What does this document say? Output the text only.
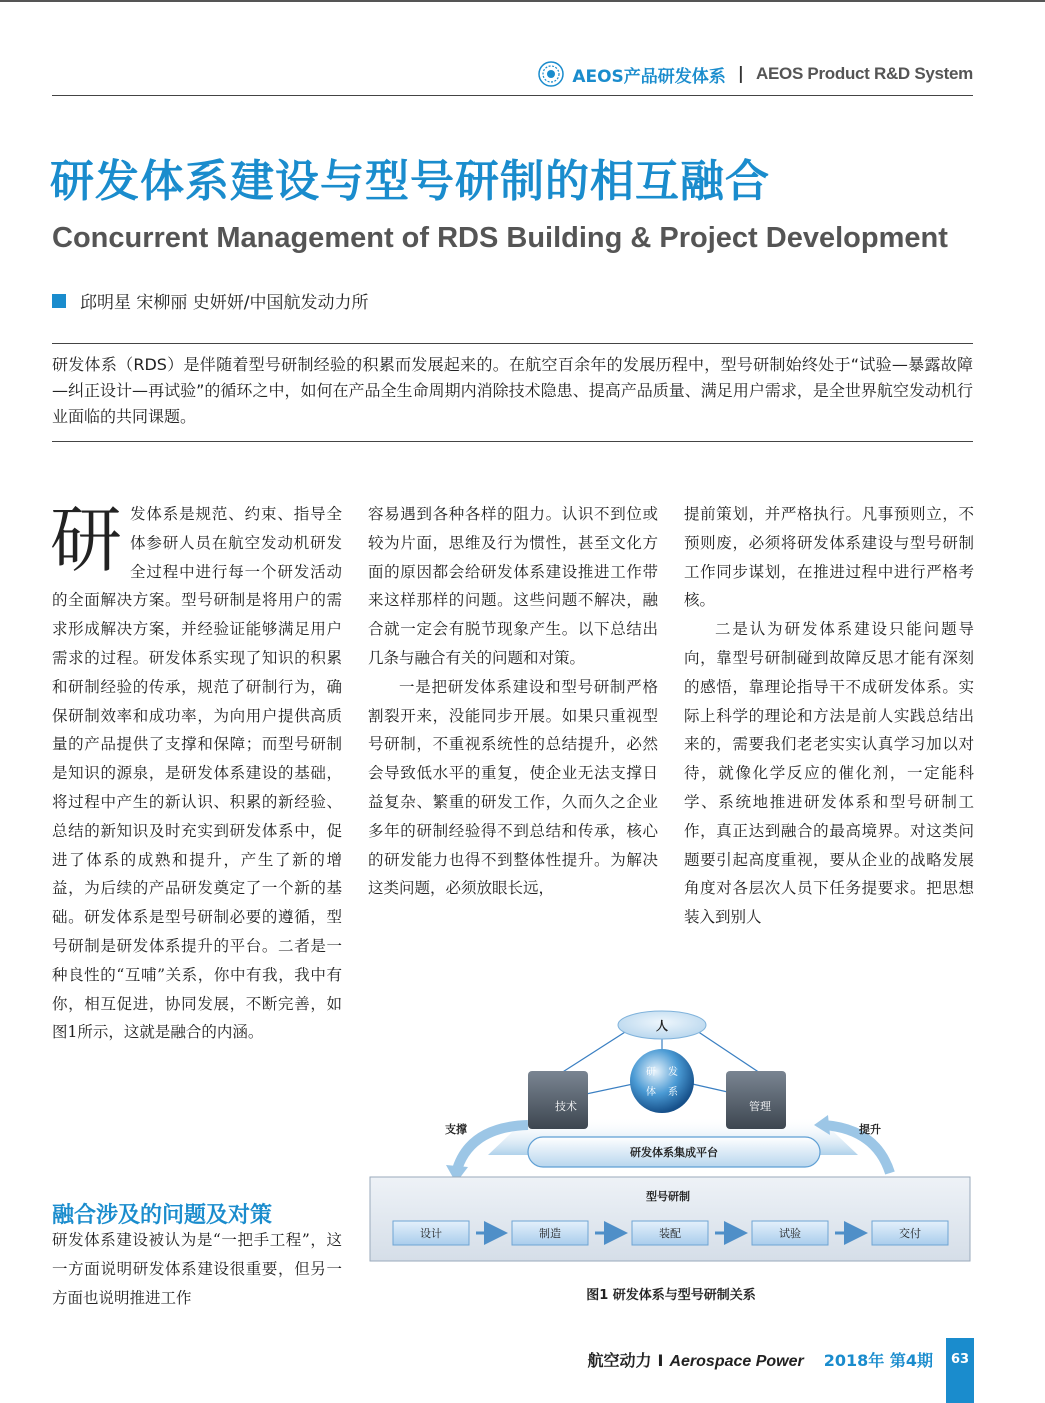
AEOS产品研发体系 | AEOS Product R&D System
研发体系建设与型号研制的相互融合
Concurrent Management of RDS Building & Project Development
邱明星 宋柳丽 史妍妍/中国航发动力所
研发体系（RDS）是伴随着型号研制经验的积累而发展起来的。在航空百余年的发展历程中，型号研制始终处于“试验—暴露故障—纠正设计—再试验”的循环之中，如何在产品全生命周期内消除技术隐患、提高产品质量、满足用户需求，是全世界航空发动机行业面临的共同课题。
研 发体系是规范、约束、指导全体参研人员在航空发动机研发全过程中进行每一个研发活动的全面解决方案。型号研制是将用户的需求形成解决方案，并经验证能够满足用户需求的过程。研发体系实现了知识的积累和研制经验的传承，规范了研制行为，确保研制效率和成功率，为向用户提供高质量的产品提供了支撑和保障；而型号研制是知识的源泉，是研发体系建设的基础，将过程中产生的新认识、积累的新经验、总结的新知识及时充实到研发体系中，促进了体系的成熟和提升，产生了新的增益，为后续的产品研发奠定了一个新的基础。研发体系是型号研制必要的遵循，型号研制是研发体系提升的平台。二者是一种良性的“互哺”关系，你中有我，我中有你，相互促进，协同发展，不断完善，如图1所示，这就是融合的内涵。

融合涉及的问题及对策

研发体系建设被认为是“一把手工程”，这一方面说明研发体系建设很重要，但另一方面也说明推进工作

容易遇到各种各样的阻力。认识不到位或较为片面，思维及行为惯性，甚至文化方面的原因都会给研发体系建设推进工作带来这样那样的问题。这些问题不解决，融合就一定会有脱节现象产生。以下总结出几条与融合有关的问题和对策。

一是把研发体系建设和型号研制严格割裂开来，没能同步开展。如果只重视型号研制，不重视系统性的总结提升，必然会导致低水平的重复，使企业无法支撑日益复杂、繁重的研发工作，久而久之企业多年的研制经验得不到总结和传承，核心的研发能力也得不到整体性提升。为解决这类问题，必须放眼长远，

提前策划，并严格执行。凡事预则立，不预则废，必须将研发体系建设与型号研制工作同步谋划，在推进过程中进行严格考核。

二是认为研发体系建设只能问题导向，靠型号研制碰到故障反思才能有深刻的感悟，靠理论指导干不成研发体系。实际上科学的理论和方法是前人实践总结出来的，需要我们老老实实认真学习加以对待，就像化学反应的催化剂，一定能科学、系统地推进研发体系和型号研制工作，真正达到融合的最高境界。对这类问题要引起高度重视，要从企业的战略发展角度对各层次人员下任务提要求。把思想装入到别人

人
技术	管理
研 发
体 系
研发体系集成平台
支撑	提升
型号研制
设计	制造	装配	试验	交付
图1 研发体系与型号研制关系
航空动力 I Aerospace Power 2018年 第4期	63
